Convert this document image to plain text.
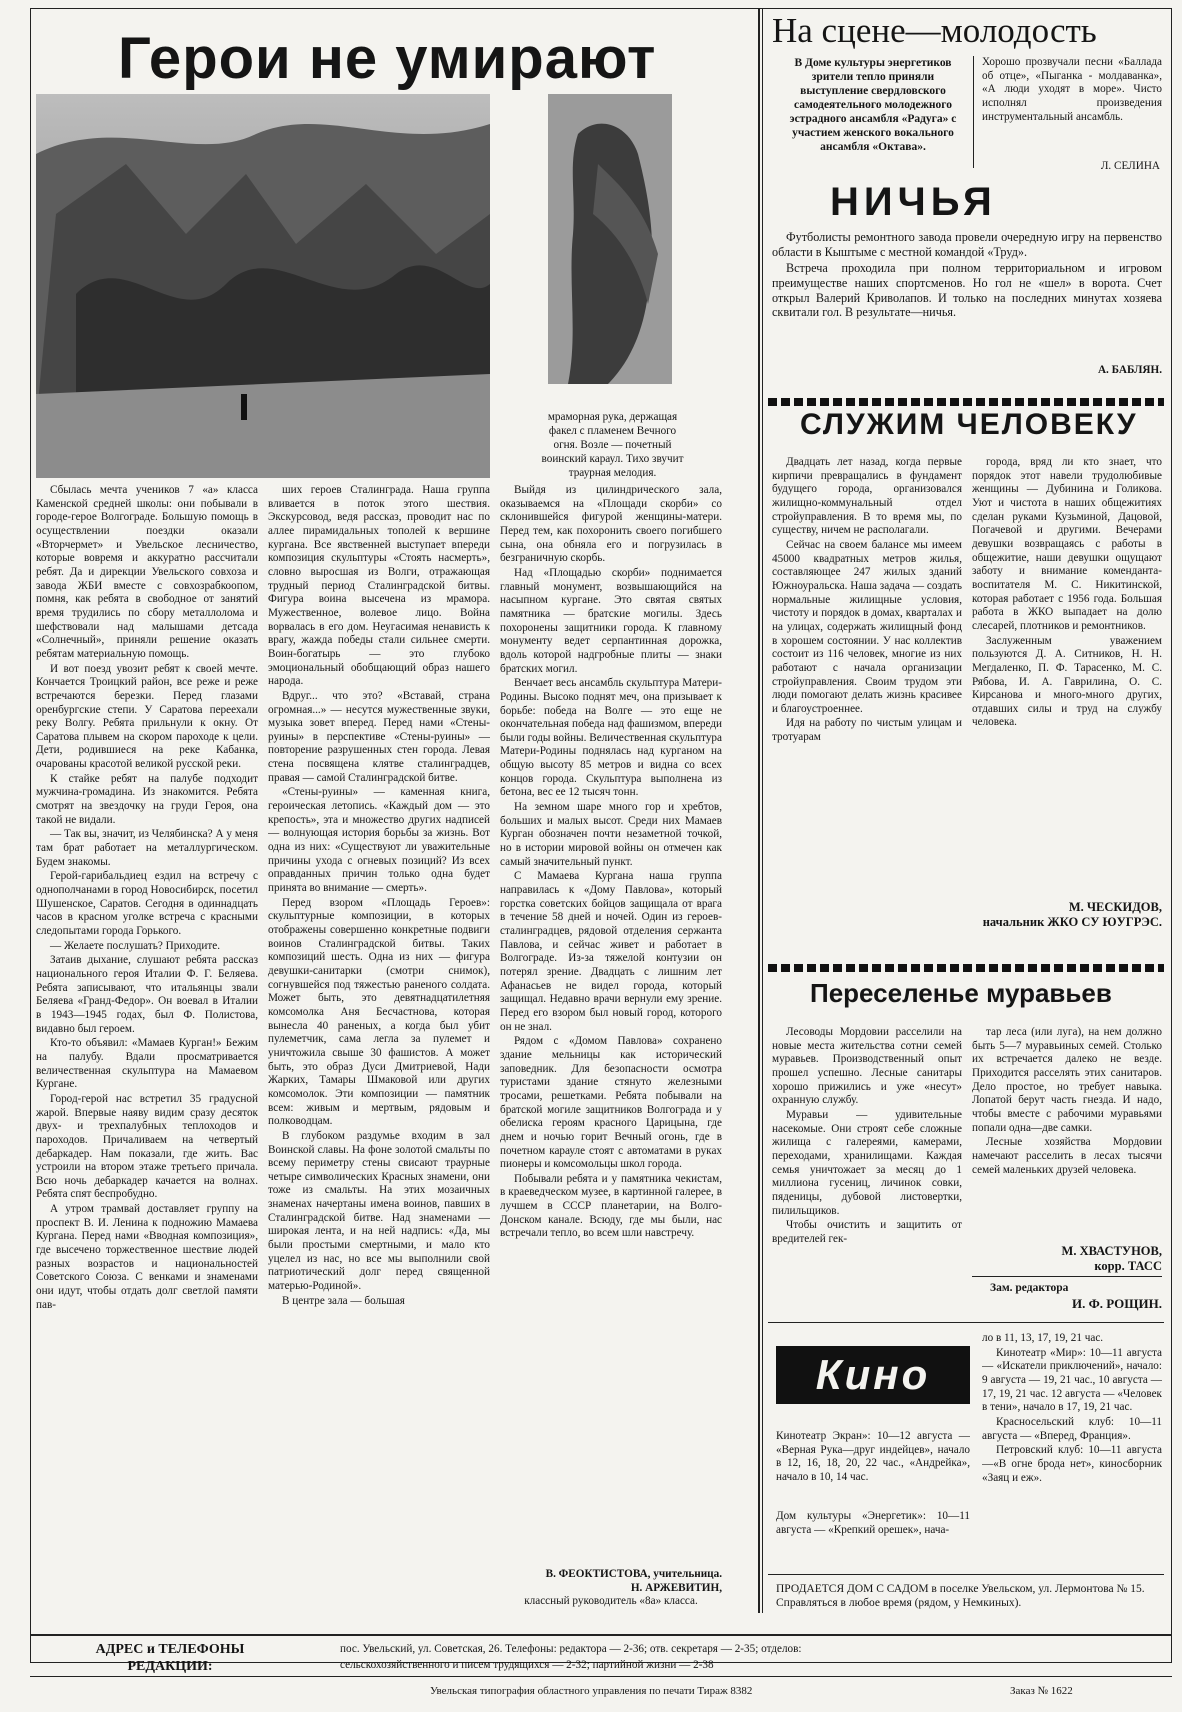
Герои не умирают
мраморная рука, держащая факел с пламенем Вечного огня. Возле — почетный воинский караул. Тихо звучит траурная мелодия.

Сбылась мечта учеников 7 «а» класса Каменской средней школы: они побывали в городе-герое Волгограде. Большую помощь в осуществлении поездки оказали «Вторчермет» и Увельское лесничество, которые вовремя и аккуратно рассчитали ребят. Да и дирекции Увельского совхоза и завода ЖБИ вместе с совхозрабкоопом, помня, как ребята в свободное от занятий время трудились по сбору металлолома и шефствовали над малышами детсада «Солнечный», приняли решение оказать ребятам материальную помощь.

И вот поезд увозит ребят к своей мечте. Кончается Троицкий район, все реже и реже встречаются березки. Перед глазами оренбургские степи. У Саратова переехали реку Волгу. Ребята прильнули к окну. От Саратова плывем на скором пароходе к цели. Дети, родившиеся на реке Кабанка, очарованы красотой великой русской реки.

К стайке ребят на палубе подходит мужчина-громадина. Из знакомится. Ребята смотрят на звездочку на груди Героя, она такой не видали.

— Так вы, значит, из Челябинска? А у меня там брат работает на металлургическом. Будем знакомы.

Герой-гарибальдиец ездил на встречу с однополчанами в город Новосибирск, посетил Шушенское, Саратов. Сегодня в одиннадцать часов в красном уголке встреча с красными следопытами города Горького.

— Желаете послушать? Приходите.

Затаив дыхание, слушают ребята рассказ национального героя Италии Ф. Г. Беляева. Ребята записывают, что итальянцы звали Беляева «Гранд-Федор». Он воевал в Италии в 1943—1945 годах, был Ф. Полистова, видавно был героем.

Кто-то объявил: «Мамаев Курган!» Бежим на палубу. Вдали просматривается величественная скульптура на Мамаевом Кургане.

Город-герой нас встретил 35 градусной жарой. Впервые наяву видим сразу десяток двух- и трехпалубных теплоходов и пароходов. Причаливаем на четвертый дебаркадер. Нам показали, где жить. Вас устроили на втором этаже третьего причала. Всю ночь дебаркадер качается на волнах. Ребята спят беспробудно.

А утром трамвай доставляет группу на проспект В. И. Ленина к подножию Мамаева Кургана. Перед нами «Вводная композиция», где высечено торжественное шествие людей разных возрастов и национальностей Советского Союза. С венками и знаменами они идут, чтобы отдать долг светлой памяти пав-

ших героев Сталинграда. Наша группа вливается в поток этого шествия. Экскурсовод, ведя рассказ, проводит нас по аллее пирамидальных тополей к вершине кургана. Все явственней выступает впереди композиция скульптуры «Стоять насмерть», словно выросшая из Волги, отражающая трудный период Сталинградской битвы. Фигура воина высечена из мрамора. Мужественное, волевое лицо. Война ворвалась в его дом. Неугасимая ненависть к врагу, жажда победы стали сильнее смерти. Воин-богатырь — это глубоко эмоциональный обобщающий образ нашего народа.

Вдруг... что это? «Вставай, страна огромная...» — несутся мужественные звуки, музыка зовет вперед. Перед нами «Стены-руины» в перспективе «Стены-руины» — повторение разрушенных стен города. Левая стена посвящена клятве сталинградцев, правая — самой Сталинградской битве.

«Стены-руины» — каменная книга, героическая летопись. «Каждый дом — это крепость», эта и множество других надписей — волнующая история борьбы за жизнь. Вот одна из них: «Существуют ли уважительные причины ухода с огневых позиций? Из всех оправданных причин только одна будет принята во внимание — смерть».

Перед взором «Площадь Героев»: скульптурные композиции, в которых отображены совершенно конкретные подвиги воинов Сталинградской битвы. Таких композиций шесть. Одна из них — фигура девушки-санитарки (смотри снимок), согнувшейся под тяжестью раненого солдата. Может быть, это девятнадцатилетняя комсомолка Аня Бесчастнова, которая вынесла 40 раненых, а когда был убит пулеметчик, сама легла за пулемет и уничтожила свыше 30 фашистов. А может быть, это образ Дуси Дмитриевой, Нади Жарких, Тамары Шмаковой или других комсомолок. Эти композиции — памятник всем: живым и мертвым, рядовым и полководцам.

В глубоком раздумье входим в зал Воинской славы. На фоне золотой смальты по всему периметру стены свисают траурные четыре символических Красных знамени, они тоже из смальты. На этих мозаичных знаменах начертаны имена воинов, павших в Сталинградской битве. Над знаменами — широкая лента, и на ней надпись: «Да, мы были простыми смертными, и мало кто уцелел из нас, но все мы выполнили свой патриотический долг перед священной матерью-Родиной».

В центре зала — большая

Выйдя из цилиндрического зала, оказываемся на «Площади скорби» со склонившейся фигурой женщины-матери. Перед тем, как похоронить своего погибшего сына, она обняла его и погрузилась в безграничную скорбь.

Над «Площадью скорби» поднимается главный монумент, возвышающийся на насыпном кургане. Это святая святых памятника — братские могилы. Здесь похоронены защитники города. К главному монументу ведет серпантинная дорожка, вдоль которой надгробные плиты — знаки братских могил.

Венчает весь ансамбль скульптура Матери-Родины. Высоко поднят меч, она призывает к борьбе: победа на Волге — это еще не окончательная победа над фашизмом, впереди были годы войны. Величественная скульптура Матери-Родины поднялась над курганом на общую высоту 85 метров и видна со всех концов города. Скульптура выполнена из бетона, вес ее 12 тысяч тонн.

На земном шаре много гор и хребтов, больших и малых высот. Среди них Мамаев Курган обозначен почти незаметной точкой, но в истории мировой войны он отмечен как самый значительный пункт.

С Мамаева Кургана наша группа направилась к «Дому Павлова», который горстка советских бойцов защищала от врага в течение 58 дней и ночей. Один из героев-сталинградцев, рядовой отделения сержанта Павлова, и сейчас живет и работает в Волгограде. Из-за тяжелой контузии он потерял зрение. Двадцать с лишним лет Афанасьев не видел города, который защищал. Недавно врачи вернули ему зрение. Перед его взором был новый город, которого он не знал.

Рядом с «Домом Павлова» сохранено здание мельницы как исторический заповедник. Для безопасности осмотра туристами здание стянуто железными тросами, решетками. Ребята побывали на братской могиле защитников Волгограда и у обелиска героям красного Царицына, где днем и ночью горит Вечный огонь, где в почетном карауле стоят с автоматами в руках пионеры и комсомольцы школ города.

Побывали ребята и у памятника чекистам, в краеведческом музее, в картинной галерее, в лучшем в СССР планетарии, на Волго-Донском канале. Всюду, где мы были, нас встречали тепло, во всем шли навстречу.

В. ФЕОКТИСТОВА, учительница.
Н. АРЖЕВИТИН,
классный руководитель «8а» класса.
На сцене—молодость
В Доме культуры энергетиков зрители тепло приняли выступление свердловского самодеятельного молодежного эстрадного ансамбля «Радуга» с участием женского вокального ансамбля «Октава».
Хорошо прозвучали песни «Баллада об отце», «Пыганка - молдаванка», «А люди уходят в море». Чисто исполнял произведения инструментальный ансамбль.
Л. СЕЛИНА
НИЧЬЯ

Футболисты ремонтного завода провели очередную игру на первенство области в Кыштыме с местной командой «Труд».

Встреча проходила при полном территориальном и игровом преимуществе наших спортсменов. Но гол не «шел» в ворота. Счет открыл Валерий Криволапов. И только на последних минутах хозяева сквитали гол. В результате—ничья.

А. БАБЛЯН.
СЛУЖИМ ЧЕЛОВЕКУ

Двадцать лет назад, когда первые кирпичи превращались в фундамент будущего города, организовался жилищно-коммунальный отдел стройуправления. В то время мы, по существу, ничем не располагали.

Сейчас на своем балансе мы имеем 45000 квадратных метров жилья, составляющее 247 жилых зданий Южноуральска. Наша задача — создать нормальные жилищные условия, чистоту и порядок в домах, кварталах и на улицах, содержать жилищный фонд в хорошем состоянии. У нас коллектив состоит из 116 человек, многие из них работают с начала организации стройуправления. Своим трудом эти люди помогают делать жизнь красивее и благоустроеннее.

Идя на работу по чистым улицам и тротуарам

города, вряд ли кто знает, что порядок этот навели трудолюбивые женщины — Дубинина и Голикова. Уют и чистота в наших общежитиях сделан руками Кузьминой, Дацовой, Погачевой и другими. Вечерами девушки возвращаясь с работы в общежитие, наши девушки ощущают заботу и внимание коменданта-воспитателя М. С. Никитинской, которая работает с 1956 года. Большая работа в ЖКО выпадает на долю слесарей, плотников и ремонтников.

Заслуженным уважением пользуются Д. А. Ситников, Н. Н. Мегдаленко, П. Ф. Тарасенко, М. С. Рябова, И. А. Гаврилина, О. С. Кирсанова и много-много других, отдавших силы и труд на службу человека.

М. ЧЕСКИДОВ,
начальник ЖКО СУ ЮУГРЭС.
Переселенье муравьев

Лесоводы Мордовии расселили на новые места жительства сотни семей муравьев. Производственный опыт прошел успешно. Лесные санитары хорошо прижились и уже «несут» охранную службу.

Муравьи — удивительные насекомые. Они строят себе сложные жилища с галереями, камерами, переходами, хранилищами. Каждая семья уничтожает за месяц до 1 миллиона гусениц, личинок совки, пяденицы, дубовой листовертки, пилильщиков.

Чтобы очистить и защитить от вредителей гек-

тар леса (или луга), на нем должно быть 5—7 муравьиных семей. Столько их встречается далеко не везде. Приходится расселять этих санитаров. Дело простое, но требует навыка. Лопатой берут часть гнезда. И надо, чтобы вместе с рабочими муравьями попали одна—две самки.

Лесные хозяйства Мордовии намечают расселить в лесах тысячи семей маленьких друзей человека.

М. ХВАСТУНОВ,
корр. ТАСС
Зам. редактора
И. Ф. РОЩИН.
Кино

Кинотеатр Экран»: 10—12 августа — «Верная Рука—друг индейцев», начало в 12, 16, 18, 20, 22 час., «Андрейка», начало в 10, 14 час.

Дом культуры «Энергетик»: 10—11 августа — «Крепкий орешек», нача-

ло в 11, 13, 17, 19, 21 час.

Кинотеатр «Мир»: 10—11 августа — «Искатели приключений», начало: 9 августа — 19, 21 час., 10 августа — 17, 19, 21 час. 12 августа — «Человек в тени», начало в 17, 19, 21 час.

Красносельский клуб: 10—11 августа — «Вперед, Франция».

Петровский клуб: 10—11 августа—«В огне брода нет», киносборник «Заяц и еж».

ПРОДАЕТСЯ ДОМ С САДОМ в поселке Увельском, ул. Лермонтова № 15. Справляться в любое время (рядом, у Немкиных).
АДРЕС и ТЕЛЕФОНЫ РЕДАКЦИИ:
пос. Увельский, ул. Советская, 26. Телефоны: редактора — 2-36; отв. секретаря — 2-35; отделов:
сельскохозяйственного и писем трудящихся — 2-32; партийной жизни — 2-38
Увельская типография областного управления по печати Тираж 8382	Заказ № 1622
